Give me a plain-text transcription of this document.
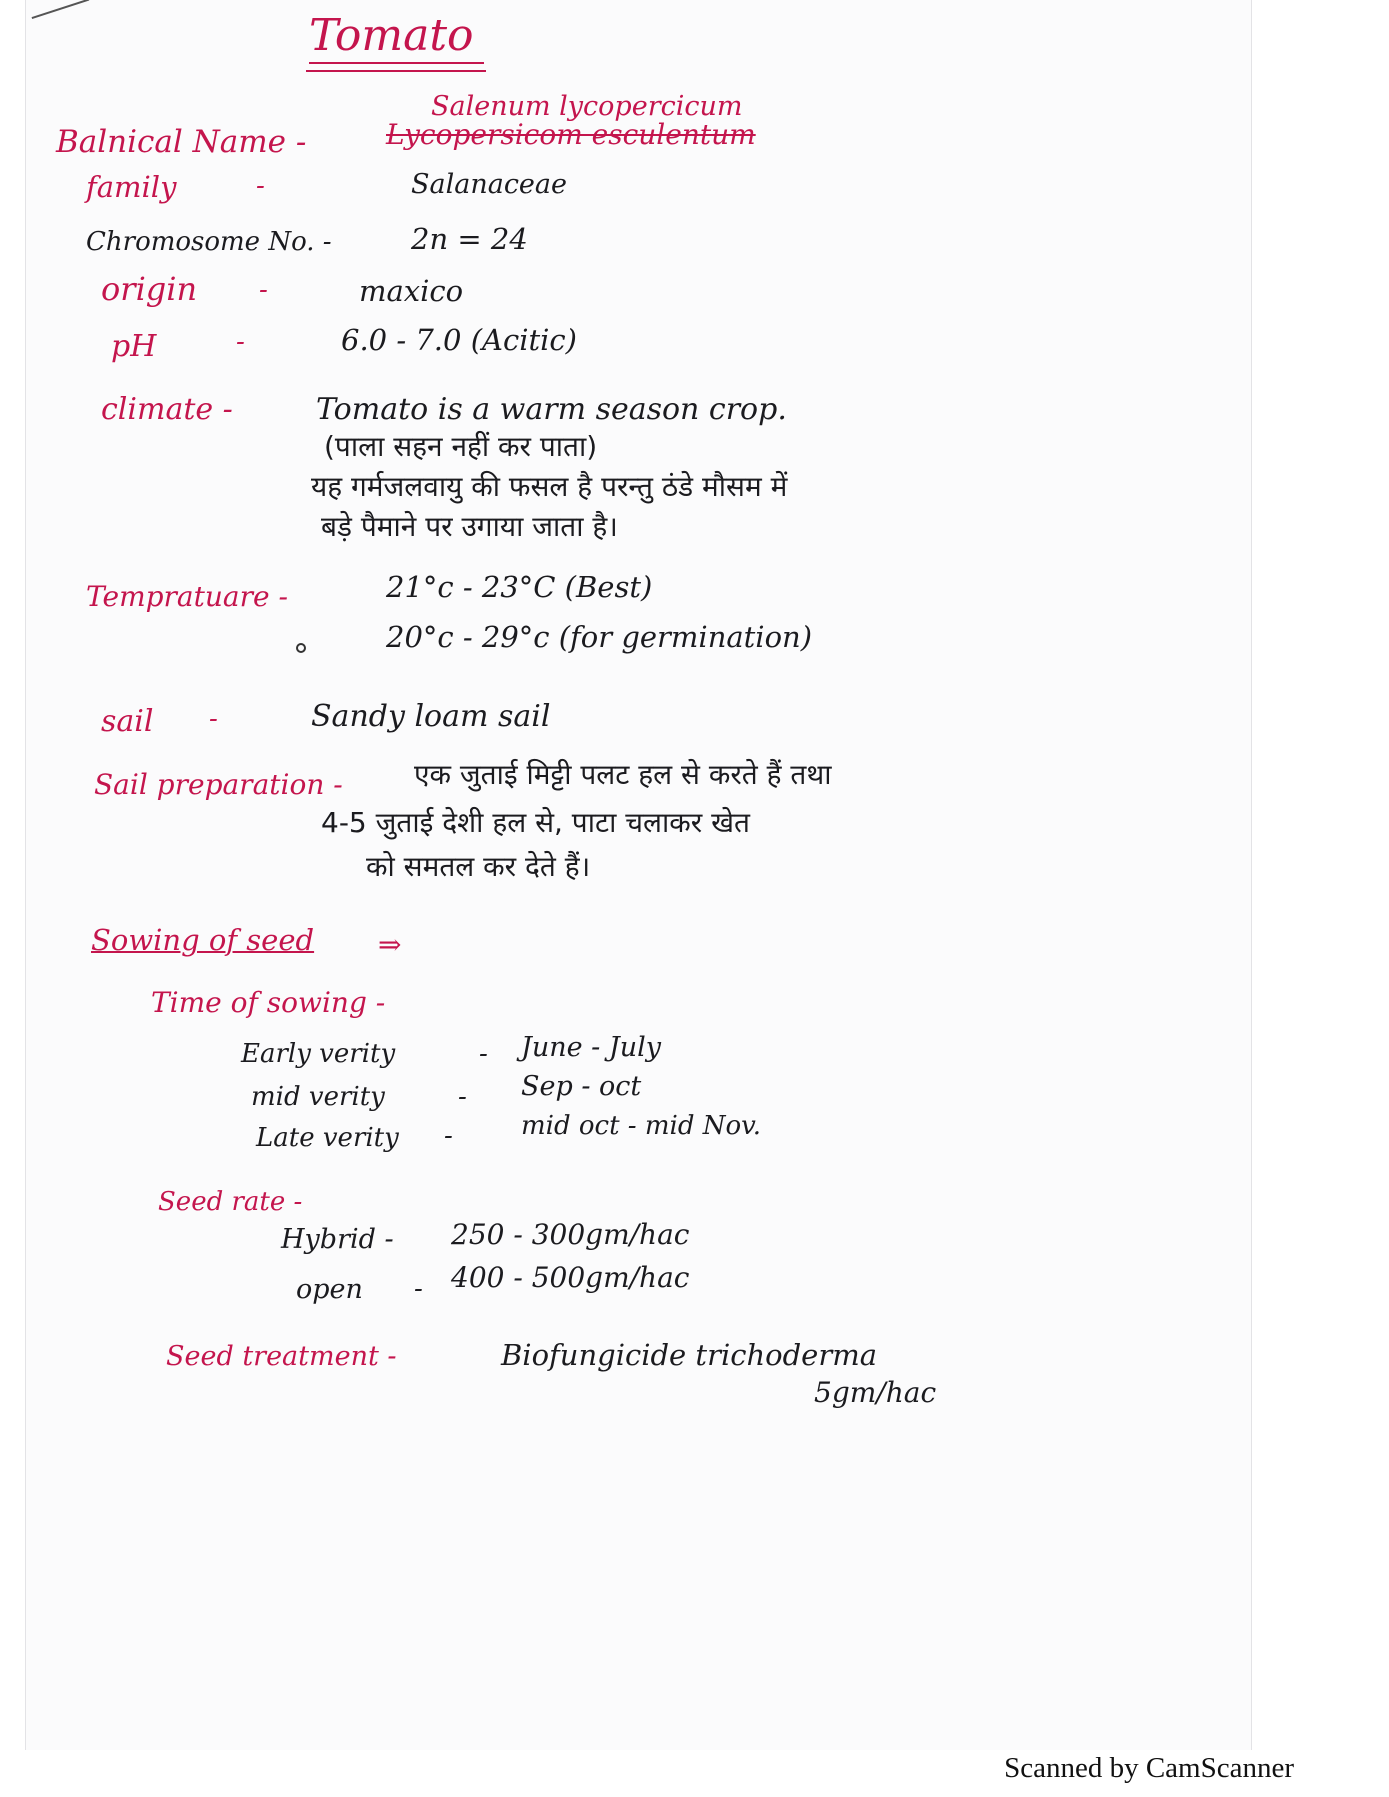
Tomato
Salenum lycopercicum
Balnical Name -	Lycopersicom esculentum
family	-	Salanaceae
Chromosome No. -	2n = 24
origin -	maxico
pH	-	6.0 - 7.0 (Acitic)
climate -	Tomato is a warm season crop.
(पाला सहन नहीं कर पाता)
यह गर्मजलवायु की फसल है परन्तु ठंडे मौसम में
बड़े पैमाने पर उगाया जाता है।
Tempratuare -	21°c - 23°C (Best)
20°c - 29°c (for germination)
sail -	Sandy loam sail
Sail preparation -	एक जुताई मिट्टी पलट हल से करते हैं तथा
4-5 जुताई देशी हल से, पाटा चलाकर खेत
को समतल कर देते हैं।
Sowing of seed ⇒
Time of sowing -
Early verity	- June - July
mid verity	- Sep - oct
Late verity -	mid oct - mid Nov.
Seed rate -
Hybrid - 250 - 300gm/hac
open - 400 - 500gm/hac
Seed treatment -	Biofungicide trichoderma
5gm/hac
Scanned by CamScanner
